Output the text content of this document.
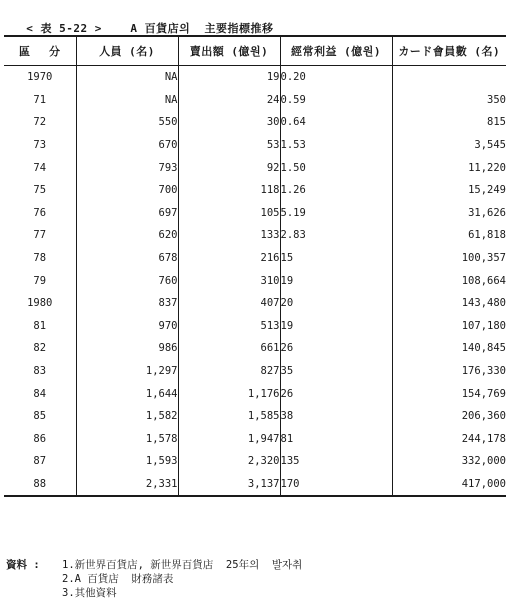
< 表 5-22 >	A 百貨店의  主要指標推移

區　 分	人員 (名)	賣出額 (億원)	經常利益 (億원)	カード會員數 (名)
1970	NA	19	0.20	
71	NA	24	0.59	350
72	550	30	0.64	815
73	670	53	1.53	3,545
74	793	92	1.50	11,220
75	700	118	1.26	15,249
76	697	105	5.19	31,626
77	620	133	2.83	61,818
78	678	216	15	100,357
79	760	310	19	108,664
1980	837	407	20	143,480
81	970	513	19	107,180
82	986	661	26	140,845
83	1,297	827	35	176,330
84	1,644	1,176	26	154,769
85	1,582	1,585	38	206,360
86	1,578	1,947	81	244,178
87	1,593	2,320	135	332,000
88	2,331	3,137	170	417,000
資料 : 1.新世界百貨店, 新世界百貨店  25年의  발자취
2.A 百貨店  財務諸表
3.其他資料
